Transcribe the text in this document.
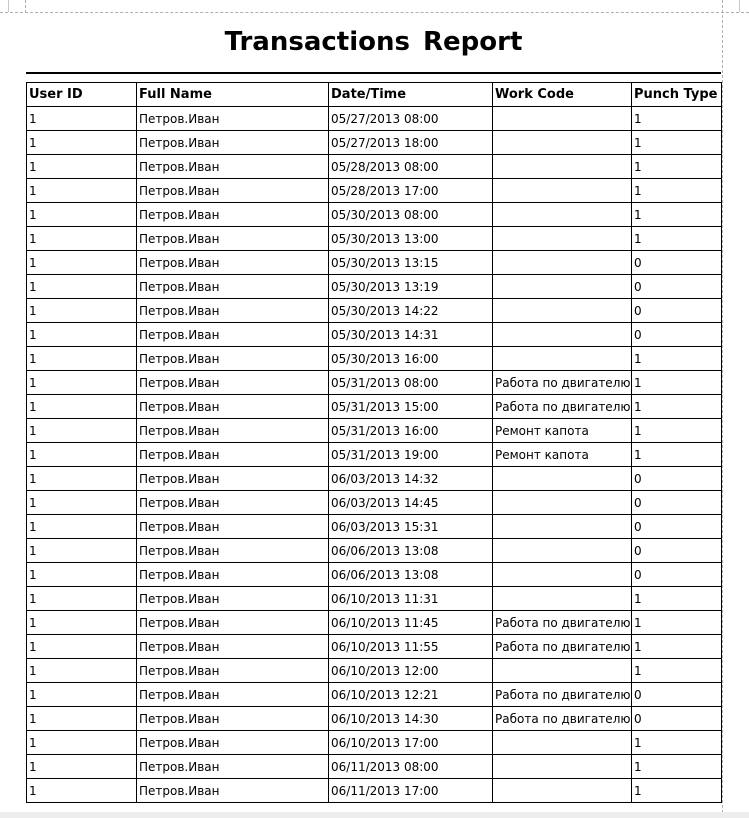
Transactions Report
User ID	Full Name	Date/Time	Work Code	Punch Type
1	Петров.Иван	05/27/2013 08:00		1
1	Петров.Иван	05/27/2013 18:00		1
1	Петров.Иван	05/28/2013 08:00		1
1	Петров.Иван	05/28/2013 17:00		1
1	Петров.Иван	05/30/2013 08:00		1
1	Петров.Иван	05/30/2013 13:00		1
1	Петров.Иван	05/30/2013 13:15		0
1	Петров.Иван	05/30/2013 13:19		0
1	Петров.Иван	05/30/2013 14:22		0
1	Петров.Иван	05/30/2013 14:31		0
1	Петров.Иван	05/30/2013 16:00		1
1	Петров.Иван	05/31/2013 08:00	Работа по двигателю	1
1	Петров.Иван	05/31/2013 15:00	Работа по двигателю	1
1	Петров.Иван	05/31/2013 16:00	Ремонт капота	1
1	Петров.Иван	05/31/2013 19:00	Ремонт капота	1
1	Петров.Иван	06/03/2013 14:32		0
1	Петров.Иван	06/03/2013 14:45		0
1	Петров.Иван	06/03/2013 15:31		0
1	Петров.Иван	06/06/2013 13:08		0
1	Петров.Иван	06/06/2013 13:08		0
1	Петров.Иван	06/10/2013 11:31		1
1	Петров.Иван	06/10/2013 11:45	Работа по двигателю	1
1	Петров.Иван	06/10/2013 11:55	Работа по двигателю	1
1	Петров.Иван	06/10/2013 12:00		1
1	Петров.Иван	06/10/2013 12:21	Работа по двигателю	0
1	Петров.Иван	06/10/2013 14:30	Работа по двигателю	0
1	Петров.Иван	06/10/2013 17:00		1
1	Петров.Иван	06/11/2013 08:00		1
1	Петров.Иван	06/11/2013 17:00		1
